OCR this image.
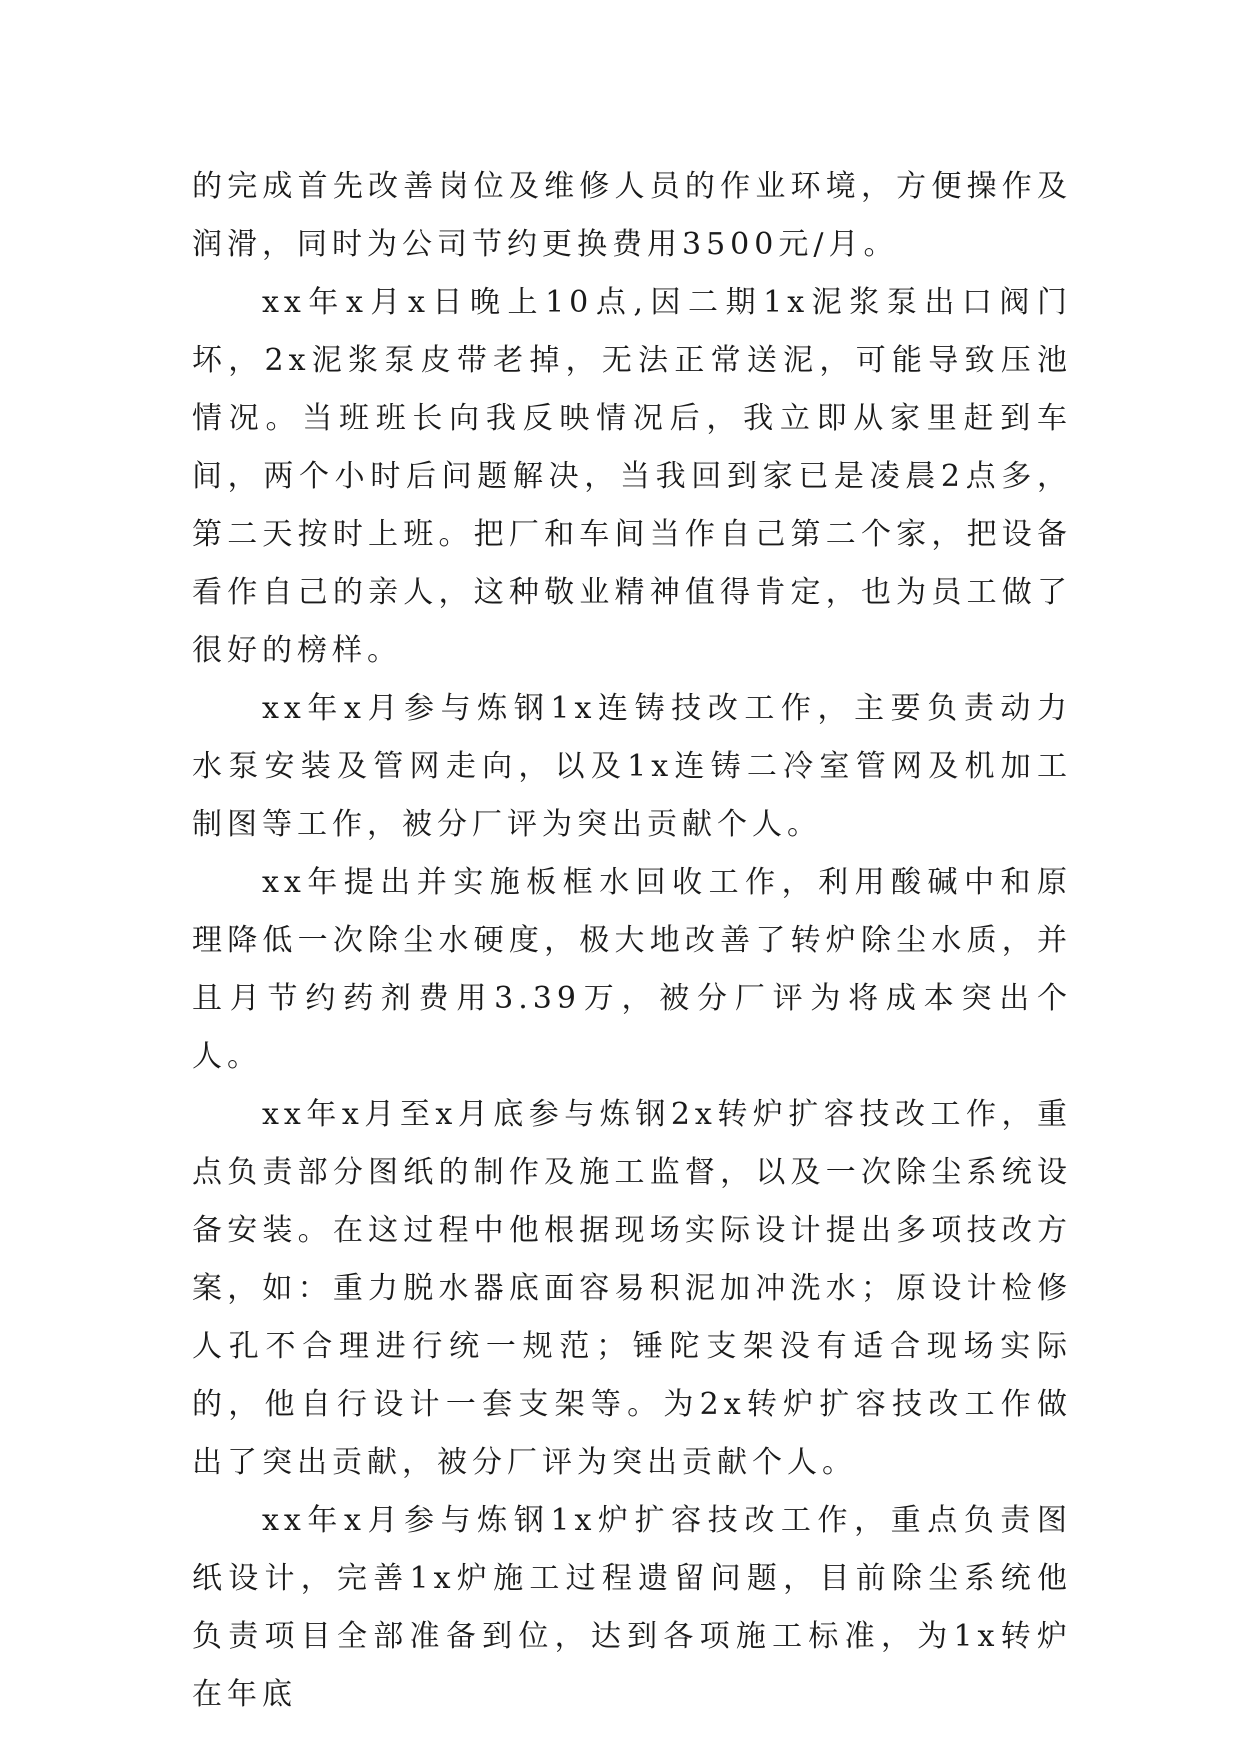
的完成首先改善岗位及维修人员的作业环境，方便操作及润滑，同时为公司节约更换费用3500元/月。

xx年x月x日晚上10点,因二期1x泥浆泵出口阀门坏，2x泥浆泵皮带老掉，无法正常送泥，可能导致压池情况。当班班长向我反映情况后，我立即从家里赶到车间，两个小时后问题解决，当我回到家已是凌晨2点多，第二天按时上班。把厂和车间当作自己第二个家，把设备看作自己的亲人，这种敬业精神值得肯定，也为员工做了很好的榜样。

xx年x月参与炼钢1x连铸技改工作，主要负责动力水泵安装及管网走向，以及1x连铸二冷室管网及机加工制图等工作，被分厂评为突出贡献个人。

xx年提出并实施板框水回收工作，利用酸碱中和原理降低一次除尘水硬度，极大地改善了转炉除尘水质，并且月节约药剂费用3.39万，被分厂评为将成本突出个人。

xx年x月至x月底参与炼钢2x转炉扩容技改工作，重点负责部分图纸的制作及施工监督，以及一次除尘系统设备安装。在这过程中他根据现场实际设计提出多项技改方案，如：重力脱水器底面容易积泥加冲洗水；原设计检修人孔不合理进行统一规范；锤陀支架没有适合现场实际的，他自行设计一套支架等。为2x转炉扩容技改工作做出了突出贡献，被分厂评为突出贡献个人。

xx年x月参与炼钢1x炉扩容技改工作，重点负责图纸设计，完善1x炉施工过程遗留问题，目前除尘系统他负责项目全部准备到位，达到各项施工标准，为1x转炉在年底
